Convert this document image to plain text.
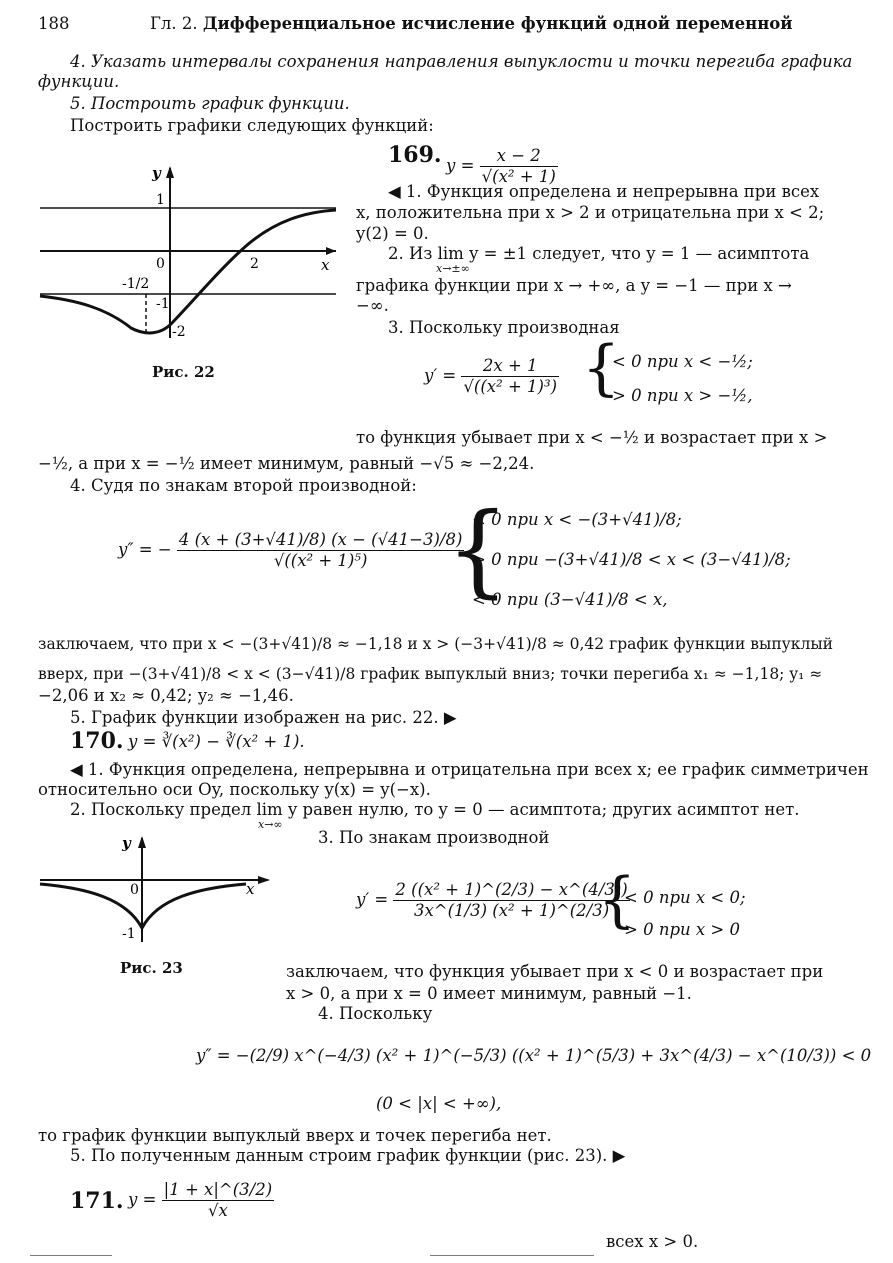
188	Гл. 2. Дифференциальное исчисление функций одной переменной
4. Указать интервалы сохранения направления выпуклости и точки перегиба графика
функции.
5. Построить график функции.
Построить графики следующих функций:
y
1
0	2	x
-1/2
-1
-2
Рис. 22
169. $y = \frac{x - 2}{\text{√(x² + 1)}}$
◀ 1. Функция определена и непрерывна при всех
x, положительна при x > 2 и отрицательна при x < 2;
y(2) = 0.
2. Из lim y = ±1 следует, что y = 1 — асимптота
x→±∞
графика функции при x → +∞, а y = −1 — при x →
−∞.
3. Поскольку производная
$y' = \frac{2x + 1}{\text{√((x² + 1)³)}}$ {
< 0 при x < −½;
> 0 при x > −½,
то функция убывает при x < −½ и возрастает при x >
−½, а при x = −½ имеет минимум, равный −√5 ≈ −2,24.
4. Судя по знакам второй производной:
y″ = − $\frac{4 (x + (3+√41)/8) (x - (√41-3)/8)}{\text{√((x² + 1)⁵)}}$
{
< 0 при x < −(3+√41)/8;
> 0 при −(3+√41)/8 < x < (3−√41)/8;
< 0 при (3−√41)/8 < x,
заключаем, что при x < −(3+√41)/8 ≈ −1,18 и x > (−3+√41)/8 ≈ 0,42 график функции выпуклый
вверх, при −(3+√41)/8 < x < (3−√41)/8 график выпуклый вниз; точки перегиба x₁ ≈ −1,18; y₁ ≈
−2,06 и x₂ ≈ 0,42; y₂ ≈ −1,46.
5. График функции изображен на рис. 22. ▶
170. y = ∛(x²) − ∛(x² + 1).
◀ 1. Функция определена, непрерывна и отрицательна при всех x; ее график симметричен
относительно оси Oy, поскольку y(x) = y(−x).
2. Поскольку предел lim y равен нулю, то y = 0 — асимптота; других асимптот нет.
x→∞
y
0	x
-1
Рис. 23
3. По знакам производной
$y' = \frac{\text{2 ((x² + 1)\textasciicircum{}(2/3) − x\textasciicircum{}(4/3))}}{\text{3x\textasciicircum{}(1/3) (x² + 1)\textasciicircum{}(2/3)}}$
{
< 0 при x < 0;
> 0 при x > 0
заключаем, что функция убывает при x < 0 и возрастает при
x > 0, а при x = 0 имеет минимум, равный −1.
4. Поскольку
y″ = −(2/9) x^(−4/3) (x² + 1)^(−5/3) ((x² + 1)^(5/3) + 3x^(4/3) − x^(10/3)) < 0
(0 < |x| < +∞),
то график функции выпуклый вверх и точек перегиба нет.
5. По полученным данным строим график функции (рис. 23). ▶
171. $y = \frac{|1 + x|\^{}(3/2)}{√x}$
всех x > 0.
